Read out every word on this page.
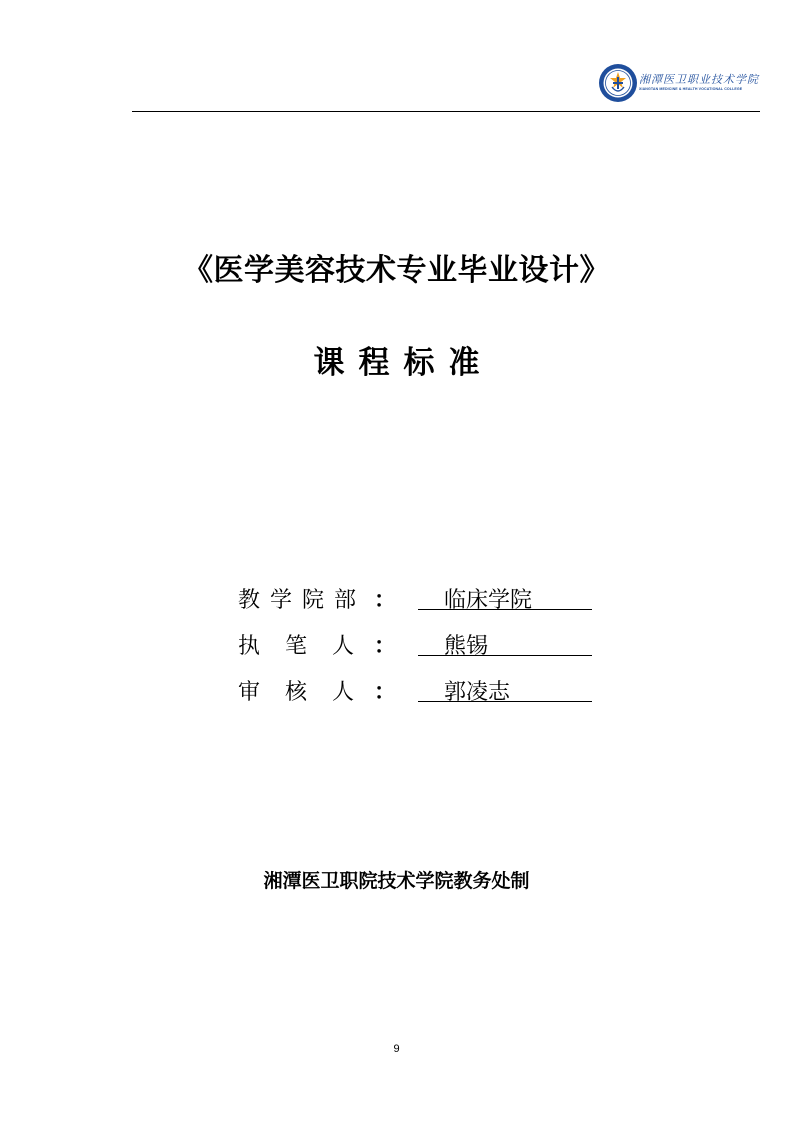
湘潭医卫职业技术学院
XIANGTAN MEDICINE & HEALTH VOCATIONAL COLLEGE
《医学美容技术专业毕业设计》
课程标准
教学院部 ： 临床学院
执笔人
： 熊锡
审核人
： 郭凌志
湘潭医卫职院技术学院教务处制
9
